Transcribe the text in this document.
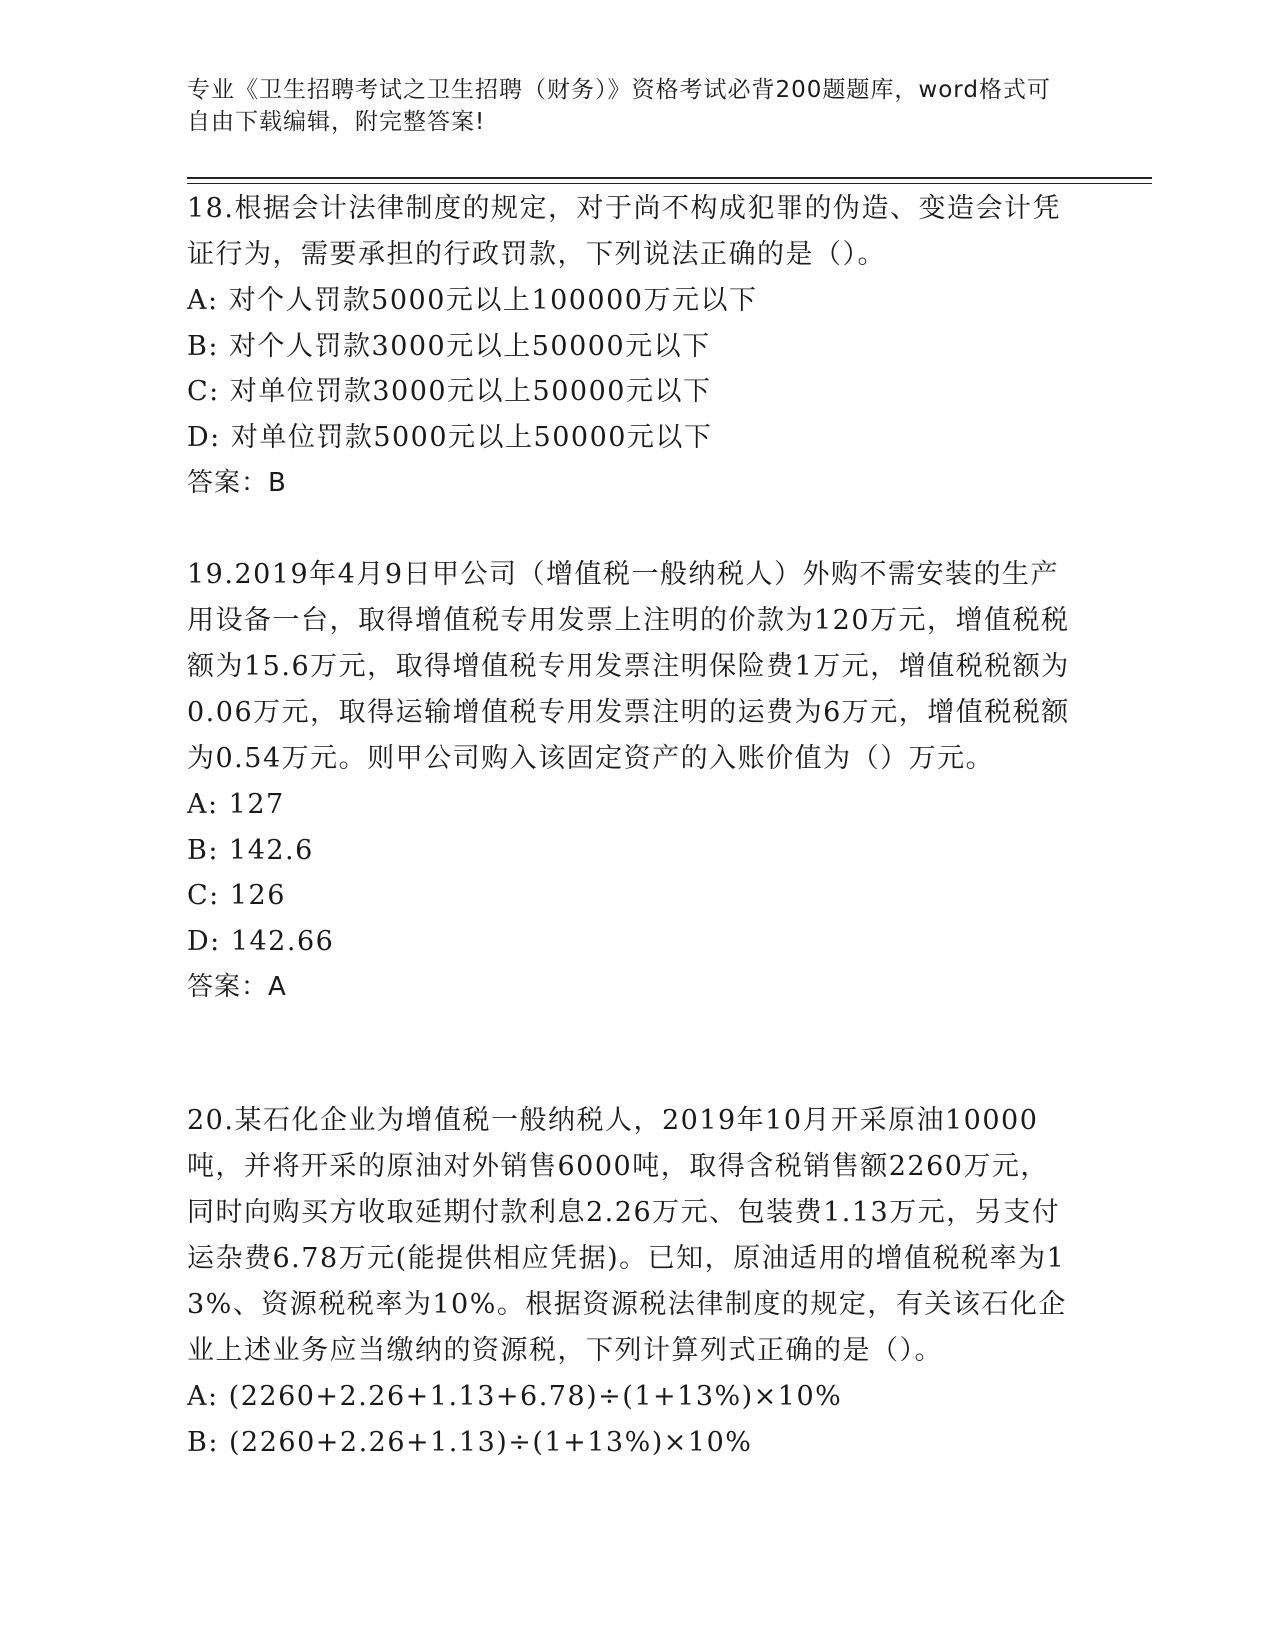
专业《卫生招聘考试之卫生招聘（财务）》资格考试必背200题题库，word格式可自由下载编辑，附完整答案!
18.根据会计法律制度的规定，对于尚不构成犯罪的伪造、变造会计凭证行为，需要承担的行政罚款，下列说法正确的是（）。
A: 对个人罚款5000元以上100000万元以下
B: 对个人罚款3000元以上50000元以下
C: 对单位罚款3000元以上50000元以下
D: 对单位罚款5000元以上50000元以下
答案：B
19.2019年4月9日甲公司（增值税一般纳税人）外购不需安装的生产用设备一台，取得增值税专用发票上注明的价款为120万元，增值税税额为15.6万元，取得增值税专用发票注明保险费1万元，增值税税额为0.06万元，取得运输增值税专用发票注明的运费为6万元，增值税税额为0.54万元。则甲公司购入该固定资产的入账价值为（）万元。
A: 127
B: 142.6
C: 126
D: 142.66
答案：A
20.某石化企业为增值税一般纳税人，2019年10月开采原油10000吨，并将开采的原油对外销售6000吨，取得含税销售额2260万元，同时向购买方收取延期付款利息2.26万元、包装费1.13万元，另支付运杂费6.78万元(能提供相应凭据)。已知，原油适用的增值税税率为13%、资源税税率为10%。根据资源税法律制度的规定，有关该石化企业上述业务应当缴纳的资源税，下列计算列式正确的是（）。
A: (2260+2.26+1.13+6.78)÷(1+13%)×10%
B: (2260+2.26+1.13)÷(1+13%)×10%
